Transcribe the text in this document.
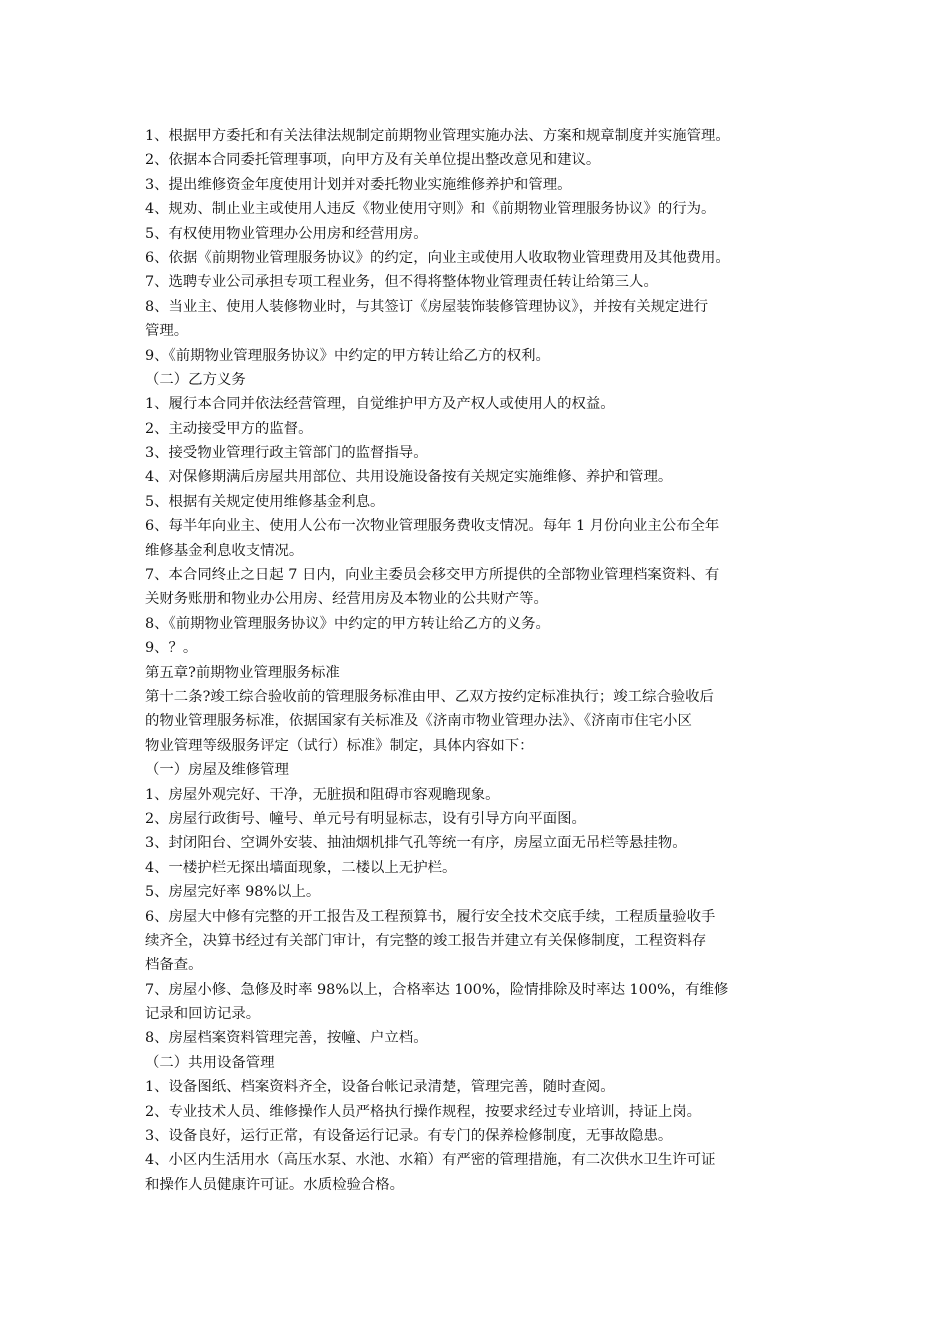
1、根据甲方委托和有关法律法规制定前期物业管理实施办法、方案和规章制度并实施管理。
2、依据本合同委托管理事项，向甲方及有关单位提出整改意见和建议。
3、提出维修资金年度使用计划并对委托物业实施维修养护和管理。
4、规劝、制止业主或使用人违反《物业使用守则》和《前期物业管理服务协议》的行为。
5、有权使用物业管理办公用房和经营用房。
6、依据《前期物业管理服务协议》的约定，向业主或使用人收取物业管理费用及其他费用。
7、选聘专业公司承担专项工程业务，但不得将整体物业管理责任转让给第三人。
8、当业主、使用人装修物业时，与其签订《房屋装饰装修管理协议》，并按有关规定进行
管理。
9、《前期物业管理服务协议》中约定的甲方转让给乙方的权利。
（二）乙方义务
1、履行本合同并依法经营管理，自觉维护甲方及产权人或使用人的权益。
2、主动接受甲方的监督。
3、接受物业管理行政主管部门的监督指导。
4、对保修期满后房屋共用部位、共用设施设备按有关规定实施维修、养护和管理。
5、根据有关规定使用维修基金利息。
6、每半年向业主、使用人公布一次物业管理服务费收支情况。每年 1 月份向业主公布全年
维修基金利息收支情况。
7、本合同终止之日起 7 日内，向业主委员会移交甲方所提供的全部物业管理档案资料、有
关财务账册和物业办公用房、经营用房及本物业的公共财产等。
8、《前期物业管理服务协议》中约定的甲方转让给乙方的义务。
9、？。
第五章?前期物业管理服务标准
第十二条?竣工综合验收前的管理服务标准由甲、乙双方按约定标准执行；竣工综合验收后
的物业管理服务标准，依据国家有关标准及《济南市物业管理办法》、《济南市住宅小区
物业管理等级服务评定（试行）标准》制定，具体内容如下：
（一）房屋及维修管理
1、房屋外观完好、干净，无脏损和阻碍市容观瞻现象。
2、房屋行政街号、幢号、单元号有明显标志，设有引导方向平面图。
3、封闭阳台、空调外安装、抽油烟机排气孔等统一有序，房屋立面无吊栏等悬挂物。
4、一楼护栏无探出墙面现象，二楼以上无护栏。
5、房屋完好率 98%以上。
6、房屋大中修有完整的开工报告及工程预算书，履行安全技术交底手续，工程质量验收手
续齐全，决算书经过有关部门审计，有完整的竣工报告并建立有关保修制度，工程资料存
档备查。
7、房屋小修、急修及时率 98%以上，合格率达 100%，险情排除及时率达 100%，有维修
记录和回访记录。
8、房屋档案资料管理完善，按幢、户立档。
（二）共用设备管理
1、设备图纸、档案资料齐全，设备台帐记录清楚，管理完善，随时查阅。
2、专业技术人员、维修操作人员严格执行操作规程，按要求经过专业培训，持证上岗。
3、设备良好，运行正常，有设备运行记录。有专门的保养检修制度，无事故隐患。
4、小区内生活用水（高压水泵、水池、水箱）有严密的管理措施，有二次供水卫生许可证
和操作人员健康许可证。水质检验合格。
